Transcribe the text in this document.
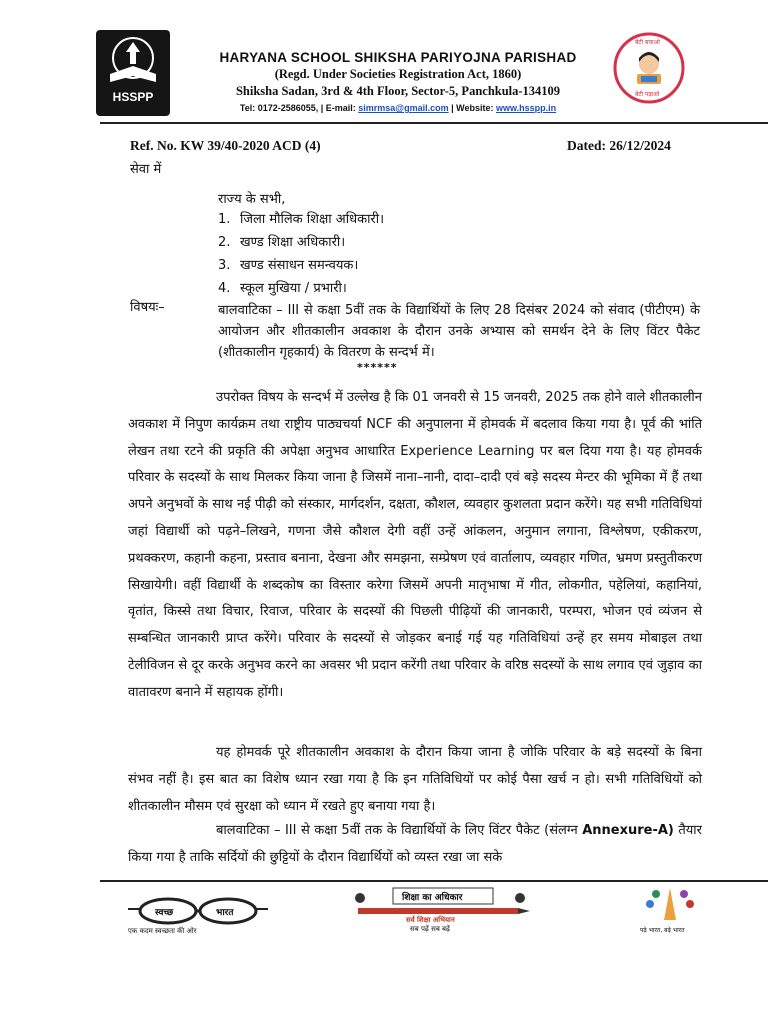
HSSPP
HARYANA SCHOOL SHIKSHA PARIYOJNA PARISHAD
(Regd. Under Societies Registration Act, 1860)
Shiksha Sadan, 3rd & 4th Floor, Sector-5, Panchkula-134109
Tel: 0172-2586055, | E-mail: simrmsa@gmail.com | Website: www.hsspp.in
बेटी बचाओ
बेटी पढ़ाओ
Ref. No. KW 39/40-2020 ACD (4)	Dated: 26/12/2024
सेवा में
राज्य के सभी,
1. जिला मौलिक शिक्षा अधिकारी।
2. खण्ड शिक्षा अधिकारी।
3. खण्ड संसाधन समन्वयक।
4. स्कूल मुखिया / प्रभारी।
विषयः–	बालवाटिका – III से कक्षा 5वीं तक के विद्यार्थियों के लिए 28 दिसंबर 2024 को संवाद (पीटीएम) के आयोजन और शीतकालीन अवकाश के दौरान उनके अभ्यास को समर्थन देने के लिए विंटर पैकेट (शीतकालीन गृहकार्य) के वितरण के सन्दर्भ में।
******
उपरोक्त विषय के सन्दर्भ में उल्लेख है कि 01 जनवरी से 15 जनवरी, 2025 तक होने वाले शीतकालीन अवकाश में निपुण कार्यक्रम तथा राष्ट्रीय पाठ्यचर्या NCF की अनुपालना में होमवर्क में बदलाव किया गया है। पूर्व की भांति लेखन तथा रटने की प्रकृति की अपेक्षा अनुभव आधारित Experience Learning पर बल दिया गया है। यह होमवर्क परिवार के सदस्यों के साथ मिलकर किया जाना है जिसमें नाना–नानी, दादा–दादी एवं बड़े सदस्य मेन्टर की भूमिका में हैं तथा अपने अनुभवों के साथ नई पीढ़ी को संस्कार, मार्गदर्शन, दक्षता, कौशल, व्यवहार कुशलता प्रदान करेंगे। यह सभी गतिविधियां जहां विद्यार्थी को पढ़ने–लिखने, गणना जैसे कौशल देगी वहीं उन्हें आंकलन, अनुमान लगाना, विश्लेषण, एकीकरण, प्रथक्करण, कहानी कहना, प्रस्ताव बनाना, देखना और समझना, सम्प्रेषण एवं वार्तालाप, व्यवहार गणित, भ्रमण प्रस्तुतीकरण सिखायेगी। वहीं विद्यार्थी के शब्दकोष का विस्तार करेगा जिसमें अपनी मातृभाषा में गीत, लोकगीत, पहेलियां, कहानियां, वृतांत, किस्से तथा विचार, रिवाज, परिवार के सदस्यों की पिछली पीढ़ियों की जानकारी, परम्परा, भोजन एवं व्यंजन से सम्बन्धित जानकारी प्राप्त करेंगे। परिवार के सदस्यों से जोड़कर बनाई गई यह गतिविधियां उन्हें हर समय मोबाइल तथा टेलीविजन से दूर करके अनुभव करने का अवसर भी प्रदान करेंगी तथा परिवार के वरिष्ठ सदस्यों के साथ लगाव एवं जुड़ाव का वातावरण बनाने में सहायक होंगी।
यह होमवर्क पूरे शीतकालीन अवकाश के दौरान किया जाना है जोकि परिवार के बड़े सदस्यों के बिना संभव नहीं है। इस बात का विशेष ध्यान रखा गया है कि इन गतिविधियों पर कोई पैसा खर्च न हो। सभी गतिविधियों को शीतकालीन मौसम एवं सुरक्षा को ध्यान में रखते हुए बनाया गया है।
बालवाटिका – III से कक्षा 5वीं तक के विद्यार्थियों के लिए विंटर पैकेट (संलग्न Annexure-A) तैयार किया गया है ताकि सर्दियों की छुट्टियों के दौरान विद्यार्थियों को व्यस्त रखा जा सके
स्वच्छ	भारत
एक कदम स्वच्छता की ओर
शिक्षा का अधिकार
सर्व शिक्षा अभियान
सब पढ़ें सब बढ़ें	पढ़े भारत, बढ़े भारत
